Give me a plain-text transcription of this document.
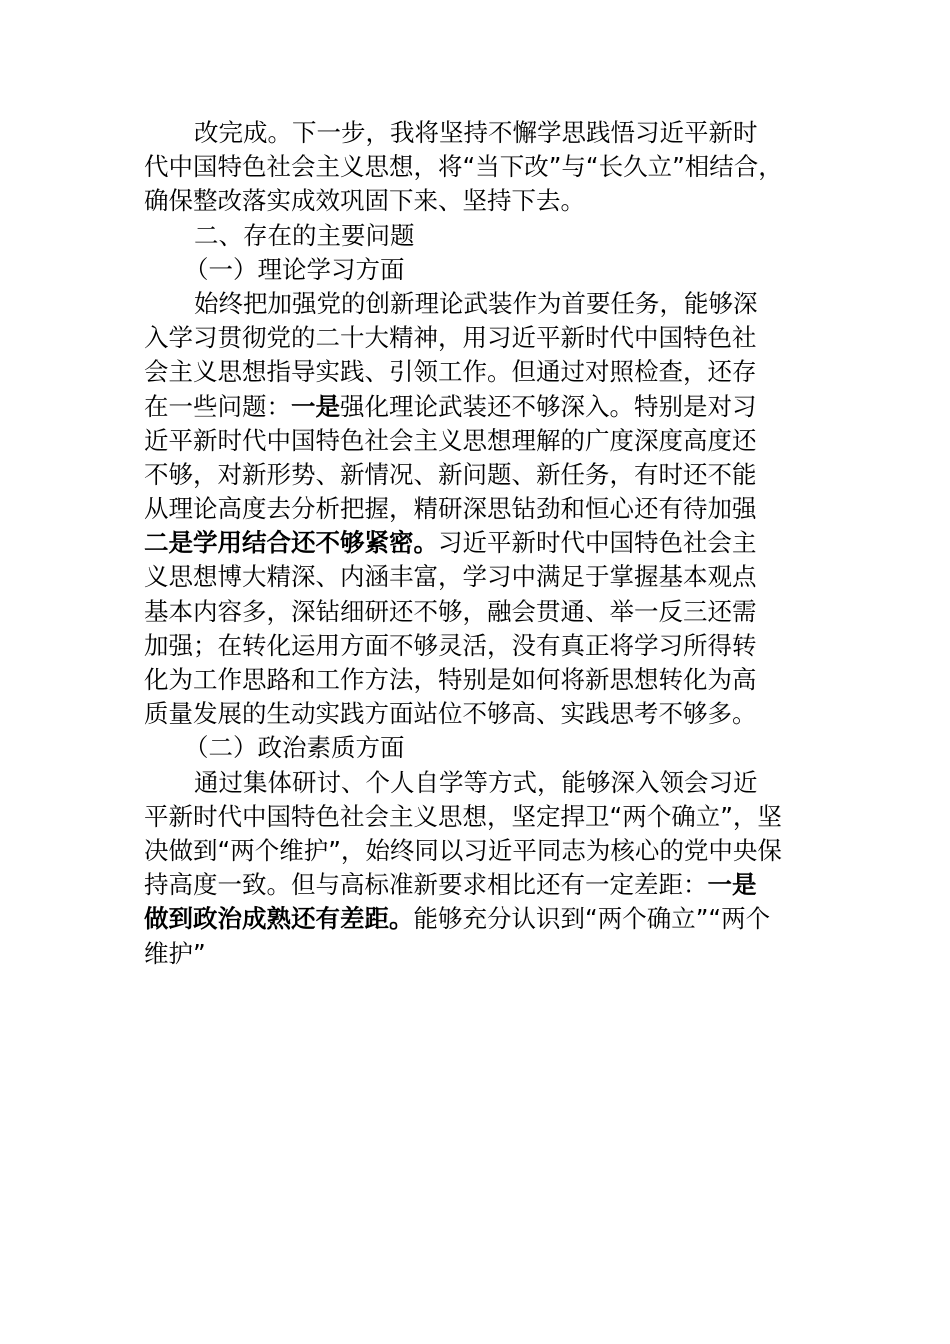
改完成。下一步，我将坚持不懈学思践悟习近平新时
代中国特色社会主义思想，将“当下改”与“长久立”相结合，
确保整改落实成效巩固下来、坚持下去。
二、存在的主要问题
（一）理论学习方面
始终把加强党的创新理论武装作为首要任务，能够深
入学习贯彻党的二十大精神，用习近平新时代中国特色社
会主义思想指导实践、引领工作。但通过对照检查，还存
在一些问题：一是强化理论武装还不够深入。特别是对习
近平新时代中国特色社会主义思想理解的广度深度高度还
不够，对新形势、新情况、新问题、新任务，有时还不能
从理论高度去分析把握，精研深思钻劲和恒心还有待加强
二是学用结合还不够紧密。习近平新时代中国特色社会主
义思想博大精深、内涵丰富，学习中满足于掌握基本观点
基本内容多，深钻细研还不够，融会贯通、举一反三还需
加强；在转化运用方面不够灵活，没有真正将学习所得转
化为工作思路和工作方法，特别是如何将新思想转化为高
质量发展的生动实践方面站位不够高、实践思考不够多。
（二）政治素质方面
通过集体研讨、个人自学等方式，能够深入领会习近
平新时代中国特色社会主义思想，坚定捍卫“两个确立”，坚
决做到“两个维护”，始终同以习近平同志为核心的党中央保
持高度一致。但与高标准新要求相比还有一定差距：一是
做到政治成熟还有差距。能够充分认识到“两个确立”“两个
维护”
